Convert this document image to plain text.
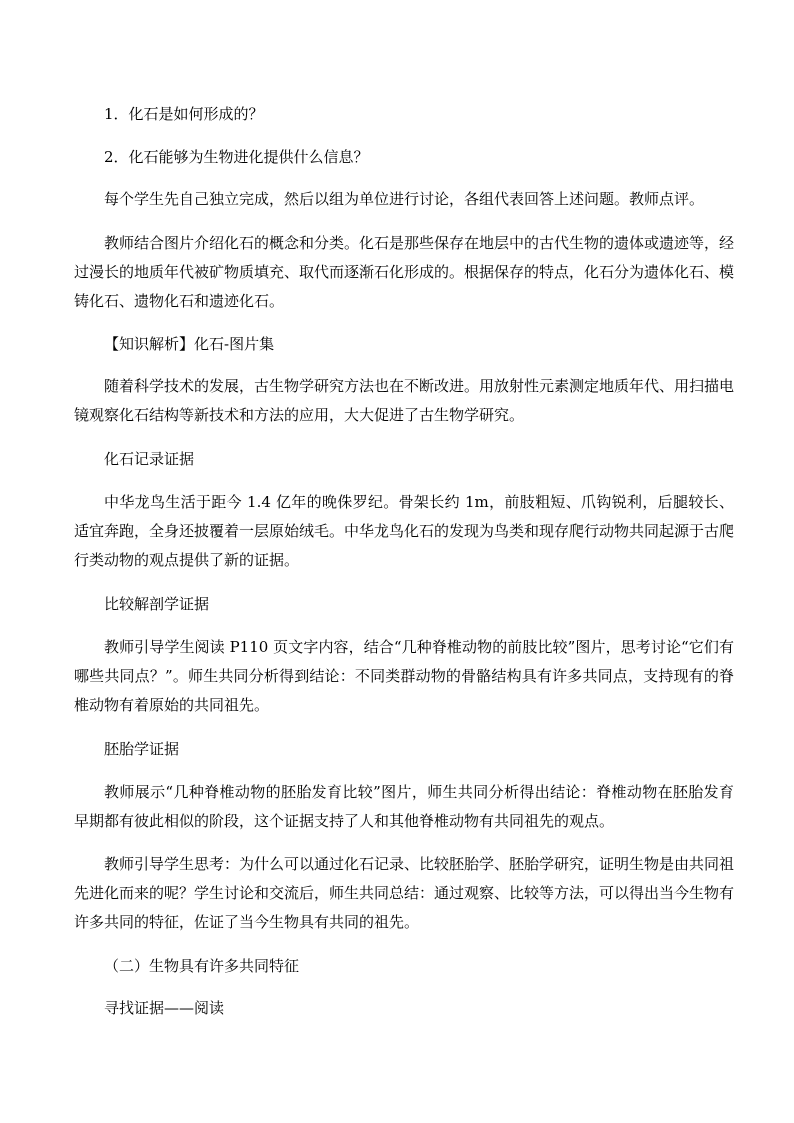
1．化石是如何形成的？

2．化石能够为生物进化提供什么信息？

每个学生先自己独立完成，然后以组为单位进行讨论，各组代表回答上述问题。教师点评。

教师结合图片介绍化石的概念和分类。化石是那些保存在地层中的古代生物的遗体或遗迹等，经过漫长的地质年代被矿物质填充、取代而逐渐石化形成的。根据保存的特点，化石分为遗体化石、模铸化石、遗物化石和遗迹化石。

【知识解析】化石-图片集

随着科学技术的发展，古生物学研究方法也在不断改进。用放射性元素测定地质年代、用扫描电镜观察化石结构等新技术和方法的应用，大大促进了古生物学研究。

化石记录证据

中华龙鸟生活于距今 1.4 亿年的晚侏罗纪。骨架长约 1m，前肢粗短、爪钩锐利，后腿较长、适宜奔跑，全身还披覆着一层原始绒毛。中华龙鸟化石的发现为鸟类和现存爬行动物共同起源于古爬行类动物的观点提供了新的证据。

比较解剖学证据

教师引导学生阅读 P110 页文字内容，结合“几种脊椎动物的前肢比较”图片，思考讨论“它们有哪些共同点？”。师生共同分析得到结论：不同类群动物的骨骼结构具有许多共同点，支持现有的脊椎动物有着原始的共同祖先。

胚胎学证据

教师展示“几种脊椎动物的胚胎发育比较”图片，师生共同分析得出结论：脊椎动物在胚胎发育早期都有彼此相似的阶段，这个证据支持了人和其他脊椎动物有共同祖先的观点。

教师引导学生思考：为什么可以通过化石记录、比较胚胎学、胚胎学研究，证明生物是由共同祖先进化而来的呢？学生讨论和交流后，师生共同总结：通过观察、比较等方法，可以得出当今生物有许多共同的特征，佐证了当今生物具有共同的祖先。

（二）生物具有许多共同特征

寻找证据——阅读
